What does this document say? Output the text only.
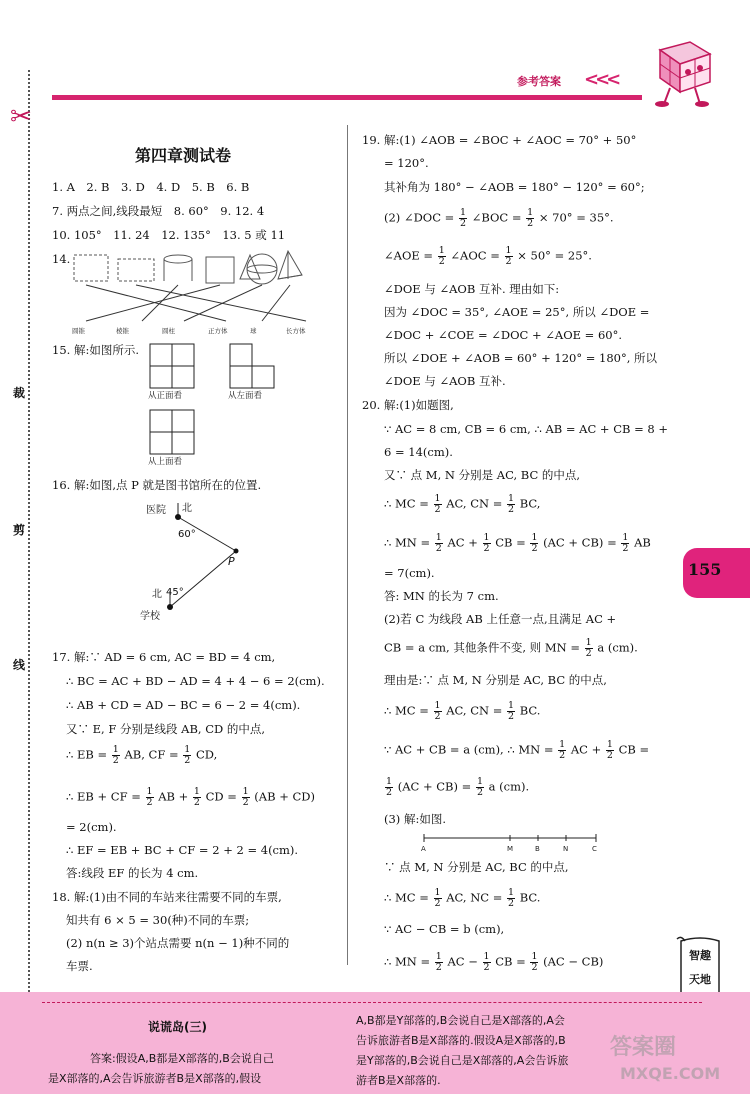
参考答案 <<<
✂
裁
剪
线
155
第四章测试卷
1. A　2. B　3. D　4. D　5. B　6. B
7. 两点之间,线段最短　8. 60°　9. 12. 4
10. 105°　11. 24　12. 135°　13. 5 或 11
14.
圆锥	棱锥	圆柱	正方体	球	长方体
15. 解:如图所示.
从正面看	从左面看
从上面看
16. 解:如图,点 P 就是图书馆所在的位置.
医院 北
60°
P
北 45°
学校
17. 解:∵ AD = 6 cm, AC = BD = 4 cm,
∴ BC = AC + BD − AD = 4 + 4 − 6 = 2(cm).
∴ AB + CD = AD − BC = 6 − 2 = 4(cm).
又∵ E, F 分别是线段 AB, CD 的中点,
∴ EB = $\frac{1}{2}$ AB, CF = $\frac{1}{2}$ CD,
∴ EB + CF = $\frac{1}{2}$ AB + $\frac{1}{2}$ CD = $\frac{1}{2} (AB + CD)$
= 2(cm).
∴ EF = EB + BC + CF = 2 + 2 = 4(cm).
答:线段 EF 的长为 4 cm.
18. 解:(1)由不同的车站来往需要不同的车票,
知共有 6 × 5 = 30(种)不同的车票;
(2) n(n ≥ 3)个站点需要 n(n − 1)种不同的
车票.
19. 解:(1) ∠AOB = ∠BOC + ∠AOC = 70° + 50°
= 120°.
其补角为 180° − ∠AOB = 180° − 120° = 60°;
(2) ∠DOC = $\frac{1}{2}$ ∠BOC = $\frac{1}{2} \times 70^\circ = 35^\circ$.
∠AOE = $\frac{1}{2}$ ∠AOC = $\frac{1}{2} \times 50^\circ = 25^\circ$.
∠DOE 与 ∠AOB 互补. 理由如下:
因为 ∠DOC = 35°, ∠AOE = 25°, 所以 ∠DOE =
∠DOC + ∠COE = ∠DOC + ∠AOE = 60°.
所以 ∠DOE + ∠AOB = 60° + 120° = 180°, 所以
∠DOE 与 ∠AOB 互补.
20. 解:(1)如题图,
∵ AC = 8 cm, CB = 6 cm, ∴ AB = AC + CB = 8 +
6 = 14(cm).
又∵ 点 M, N 分别是 AC, BC 的中点,
∴ MC = $\frac{1}{2}$ AC, CN = $\frac{1}{2}$ BC,
∴ MN = $\frac{1}{2}$ AC + $\frac{1}{2}$ CB = $\frac{1}{2} (AC + CB) = \frac{1}{2}$ AB
= 7(cm).
答: MN 的长为 7 cm.
(2)若 C 为线段 AB 上任意一点,且满足 AC +
CB = a cm, 其他条件不变, 则 MN = $\frac{1}{2}$ a (cm).
理由是:∵ 点 M, N 分别是 AC, BC 的中点,
∴ MC = $\frac{1}{2}$ AC, CN = $\frac{1}{2}$ BC.
∵ AC + CB = a (cm), ∴ MN = $\frac{1}{2}$ AC + $\frac{1}{2}$ CB =
$\frac{1}{2} (AC + CB) = \frac{1}{2}$ a (cm).
(3) 解:如图.
A	M	B	N	C
∵ 点 M, N 分别是 AC, BC 的中点,
∴ MC = $\frac{1}{2}$ AC, NC = $\frac{1}{2}$ BC.
∵ AC − CB = b (cm),
∴ MN = $\frac{1}{2}$ AC − $\frac{1}{2}$ CB = $\frac{1}{2} (AC - CB)$	智趣天地
说谎岛(三)
答案:假设A,B都是X部落的,B会说自己
是X部落的,A会告诉旅游者B是X部落的,假设
A,B都是Y部落的,B会说自己是X部落的,A会
告诉旅游者B是X部落的.假设A是X部落的,B
是Y部落的,B会说自己是X部落的,A会告诉旅
游者B是X部落的.
答案圈
MXQE.COM
